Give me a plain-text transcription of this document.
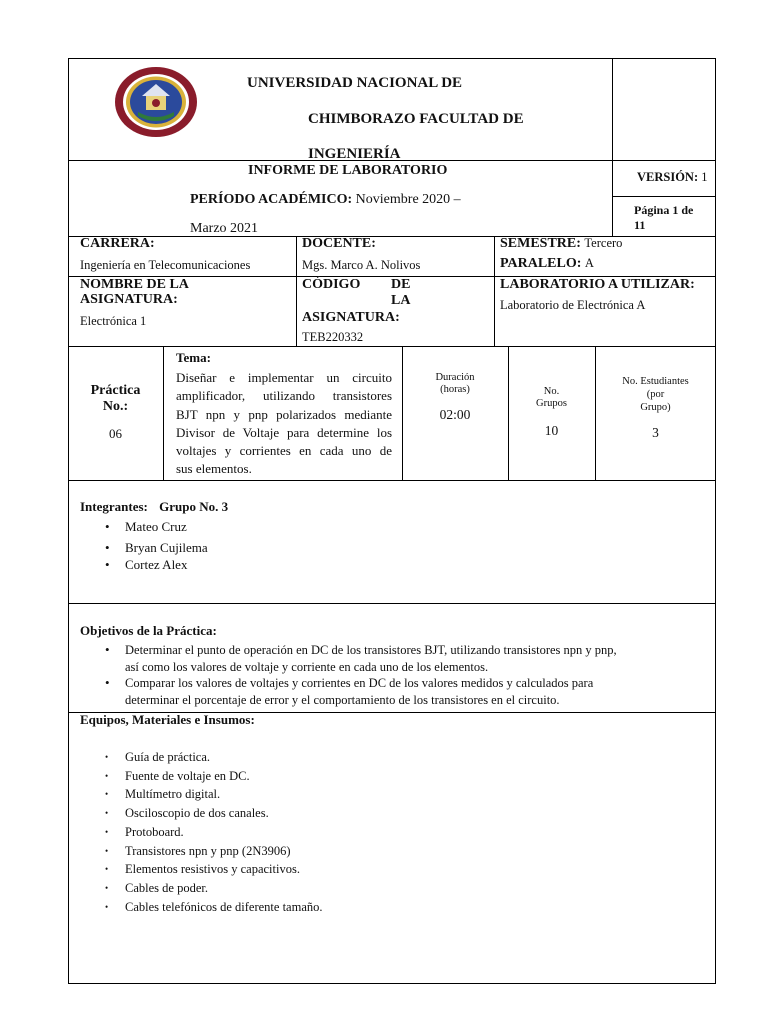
UNIVERSIDAD NACIONAL DE
CHIMBORAZO FACULTAD DE
INGENIERÍA
INFORME DE LABORATORIO
PERÍODO ACADÉMICO: Noviembre 2020 –
Marzo 2021
VERSIÓN: 1
Página 1 de
11
CARRERA:
Ingeniería en Telecomunicaciones
DOCENTE:
Mgs. Marco A. Nolivos
SEMESTRE: Tercero
PARALELO: A
NOMBRE DE LA
ASIGNATURA:
Electrónica 1
CÓDIGO DE
LA
ASIGNATURA:
TEB220332
LABORATORIO A UTILIZAR:
Laboratorio de Electrónica A
Práctica
No.:
06
Tema:
Diseñar e implementar un circuito
amplificador, utilizando transistores
BJT npn y pnp polarizados mediante
Divisor de Voltaje para determine los
voltajes y corrientes en cada uno de
sus elementos.
Duración
(horas)
02:00
No.
Grupos
10
No. Estudiantes
(por
Grupo)
3
Integrantes: Grupo No. 3
• Mateo Cruz
• Bryan Cujilema
• Cortez Alex
Objetivos de la Práctica:
• Determinar el punto de operación en DC de los transistores BJT, utilizando transistores npn y pnp,
así como los valores de voltaje y corriente en cada uno de los elementos.
• Comparar los valores de voltajes y corrientes en DC de los valores medidos y calculados para
determinar el porcentaje de error y el comportamiento de los transistores en el circuito.
Equipos, Materiales e Insumos:
• Guía de práctica.
• Fuente de voltaje en DC.
• Multímetro digital.
• Osciloscopio de dos canales.
• Protoboard.
• Transistores npn y pnp (2N3906)
• Elementos resistivos y capacitivos.
• Cables de poder.
• Cables telefónicos de diferente tamaño.
